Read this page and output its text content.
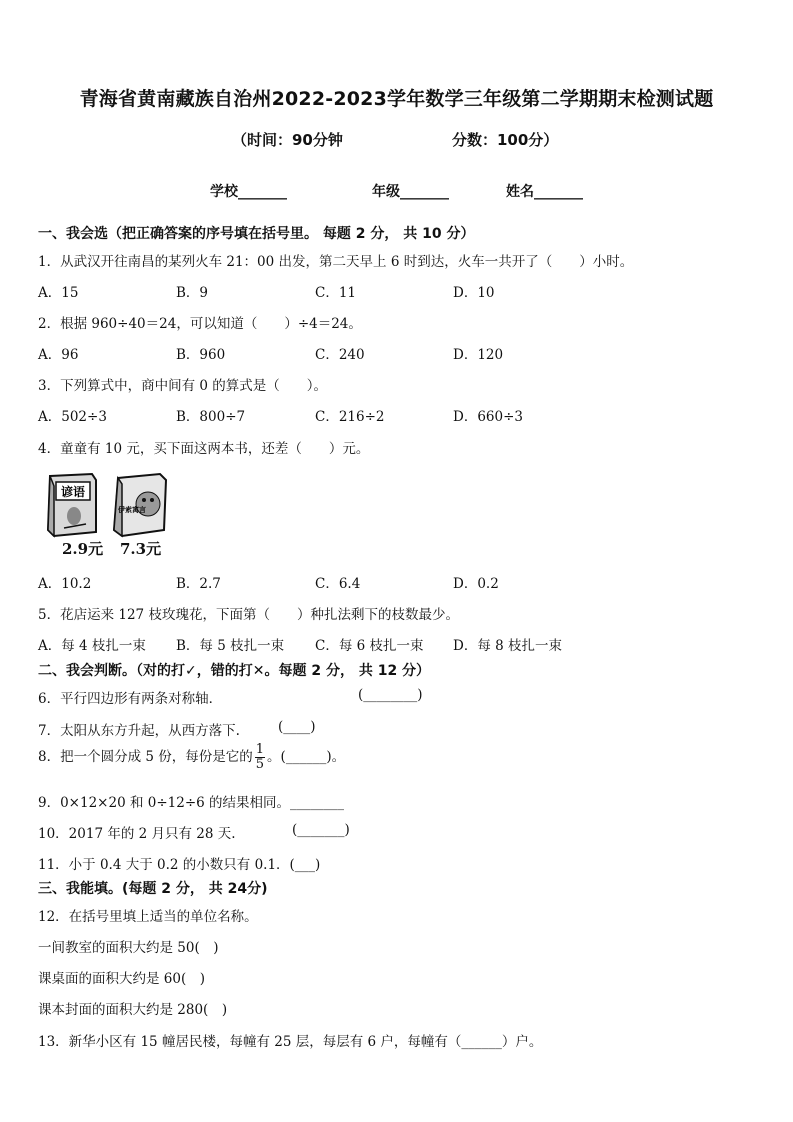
青海省黄南藏族自治州2022-2023学年数学三年级第二学期期末检测试题
（时间：90分钟	分数：100分）
学校_______	年级_______	姓名_______
一、我会选（把正确答案的序号填在括号里。 每题 2 分， 共 10 分）
1．从武汉开往南昌的某列火车 21：00 出发，第二天早上 6 时到达，火车一共开了（　　）小时。
A．15	B．9	C．11	D．10
2．根据 960÷40＝24，可以知道（　　）÷4＝24。
A．96	B．960	C．240	D．120
3．下列算式中，商中间有 0 的算式是（　　）。
A．502÷3	B．800÷7	C．216÷2	D．660÷3
4．童童有 10 元，买下面这两本书，还差（　　）元。
谚语
2.9元
伊索寓言
7.3元
A．10.2	B．2.7	C．6.4	D．0.2
5．花店运来 127 枝玫瑰花，下面第（　　）种扎法剩下的枝数最少。
A．每 4 枝扎一束 B．每 5 枝扎一束 C．每 6 枝扎一束 D．每 8 枝扎一束
二、我会判断。（对的打✓，错的打✕。每题 2 分， 共 12 分）
6．平行四边形有两条对称轴．	(________)
7．太阳从东方升起，从西方落下.	(____)
8．把一个圆分成 5 份，每份是它的 $\frac{1}{5}$ 。(______)。
9．0×12×20 和 0÷12÷6 的结果相同。________
10．2017 年的 2 月只有 28 天.	(_______)
11．小于 0.4 大于 0.2 的小数只有 0.1．(___)
三、我能填。(每题 2 分， 共 24分)
12．在括号里填上适当的单位名称。
一间教室的面积大约是 50(　)
课桌面的面积大约是 60(　)
课本封面的面积大约是 280(　)
13．新华小区有 15 幢居民楼，每幢有 25 层，每层有 6 户，每幢有（______）户。
